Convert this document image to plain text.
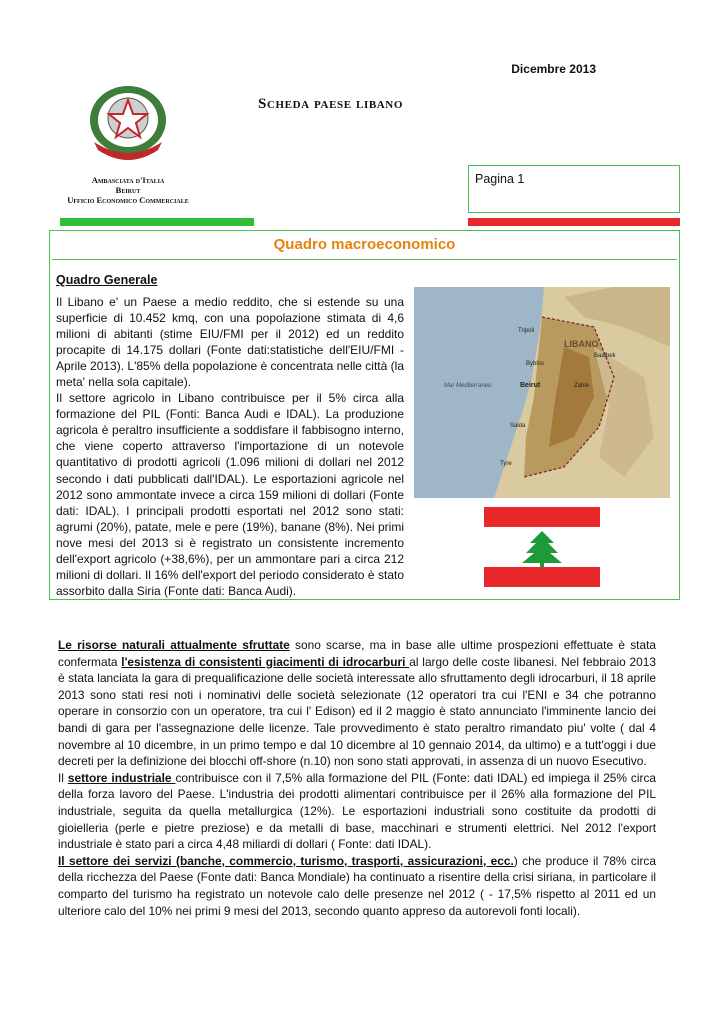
Dicembre 2013
Scheda paese libano
Ambasciata d'Italia
Beirut
Ufficio Economico Commerciale
Pagina 1
Quadro macroeconomico
Quadro Generale

Il Libano e' un Paese a medio reddito, che si estende su una superficie di 10.452 kmq, con una popolazione stimata di 4,6 milioni di abitanti (stime EIU/FMI per il 2012) ed un reddito procapite di 14.175 dollari (Fonte dati:statistiche dell'EIU/FMI - Aprile 2013). L'85% della popolazione è concentrata nelle città (la meta' nella sola capitale).

Il settore agricolo in Libano contribuisce per il 5% circa alla formazione del PIL (Fonti: Banca Audi e IDAL). La produzione agricola è peraltro insufficiente a soddisfare il fabbisogno interno, che viene coperto attraverso l'importazione di un notevole quantitativo di prodotti agricoli (1.096 milioni di dollari nel 2012 secondo i dati pubblicati dall'IDAL). Le esportazioni agricole nel 2012 sono ammontate invece a circa 159 milioni di dollari (Fonte dati: IDAL). I principali prodotti esportati nel 2012 sono stati: agrumi (20%), patate, mele e pere (19%), banane (8%). Nei primi nove mesi del 2013 si è registrato un consistente incremento dell'export agricolo (+38,6%), per un ammontare pari a circa 212 milioni di dollari. Il 16% dell'export del periodo considerato è stato assorbito dalla Siria (Fonte dati: Banca Audi).

LIBANO
Tripoli
Byblos
Beirut	Zahle
Baalbek
Saida
Tyre
Mar Mediterraneo

Le risorse naturali attualmente sfruttate sono scarse, ma in base alle ultime prospezioni effettuate è stata confermata l'esistenza di consistenti giacimenti di idrocarburi al largo delle coste libanesi. Nel febbraio 2013 è stata lanciata la gara di prequalificazione delle società interessate allo sfruttamento degli idrocarburi, il 18 aprile 2013 sono stati resi noti i nominativi delle società selezionate (12 operatori tra cui l'ENI e 34 che potranno operare in consorzio con un operatore, tra cui l' Edison) ed il 2 maggio è stato annunciato l'imminente lancio dei bandi di gara per l'assegnazione delle licenze. Tale provvedimento è stato peraltro rimandato piu' volte ( dal 4 novembre al 10 dicembre, in un primo tempo e dal 10 dicembre al 10 gennaio 2014, da ultimo) e a tutt'oggi i due decreti per la definizione dei blocchi off-shore (n.10) non sono stati approvati, in assenza di un nuovo Esecutivo.

Il settore industriale contribuisce con il 7,5% alla formazione del PIL (Fonte: dati IDAL) ed impiega il 25% circa della forza lavoro del Paese. L'industria dei prodotti alimentari contribuisce per il 26% alla formazione del PIL industriale, seguita da quella metallurgica (12%). Le esportazioni industriali sono costituite da prodotti di gioielleria (perle e pietre preziose) e da metalli di base, macchinari e strumenti elettrici. Nel 2012 l'export industriale è stato pari a circa 4,48 miliardi di dollari ( Fonte: dati IDAL).

Il settore dei servizi (banche, commercio, turismo, trasporti, assicurazioni, ecc.) che produce il 78% circa della ricchezza del Paese (Fonte dati: Banca Mondiale) ha continuato a risentire della crisi siriana, in particolare il comparto del turismo ha registrato un notevole calo delle presenze nel 2012 ( - 17,5% rispetto al 2011 ed un ulteriore calo del 10% nei primi 9 mesi del 2013, secondo quanto appreso da autorevoli fonti locali).
